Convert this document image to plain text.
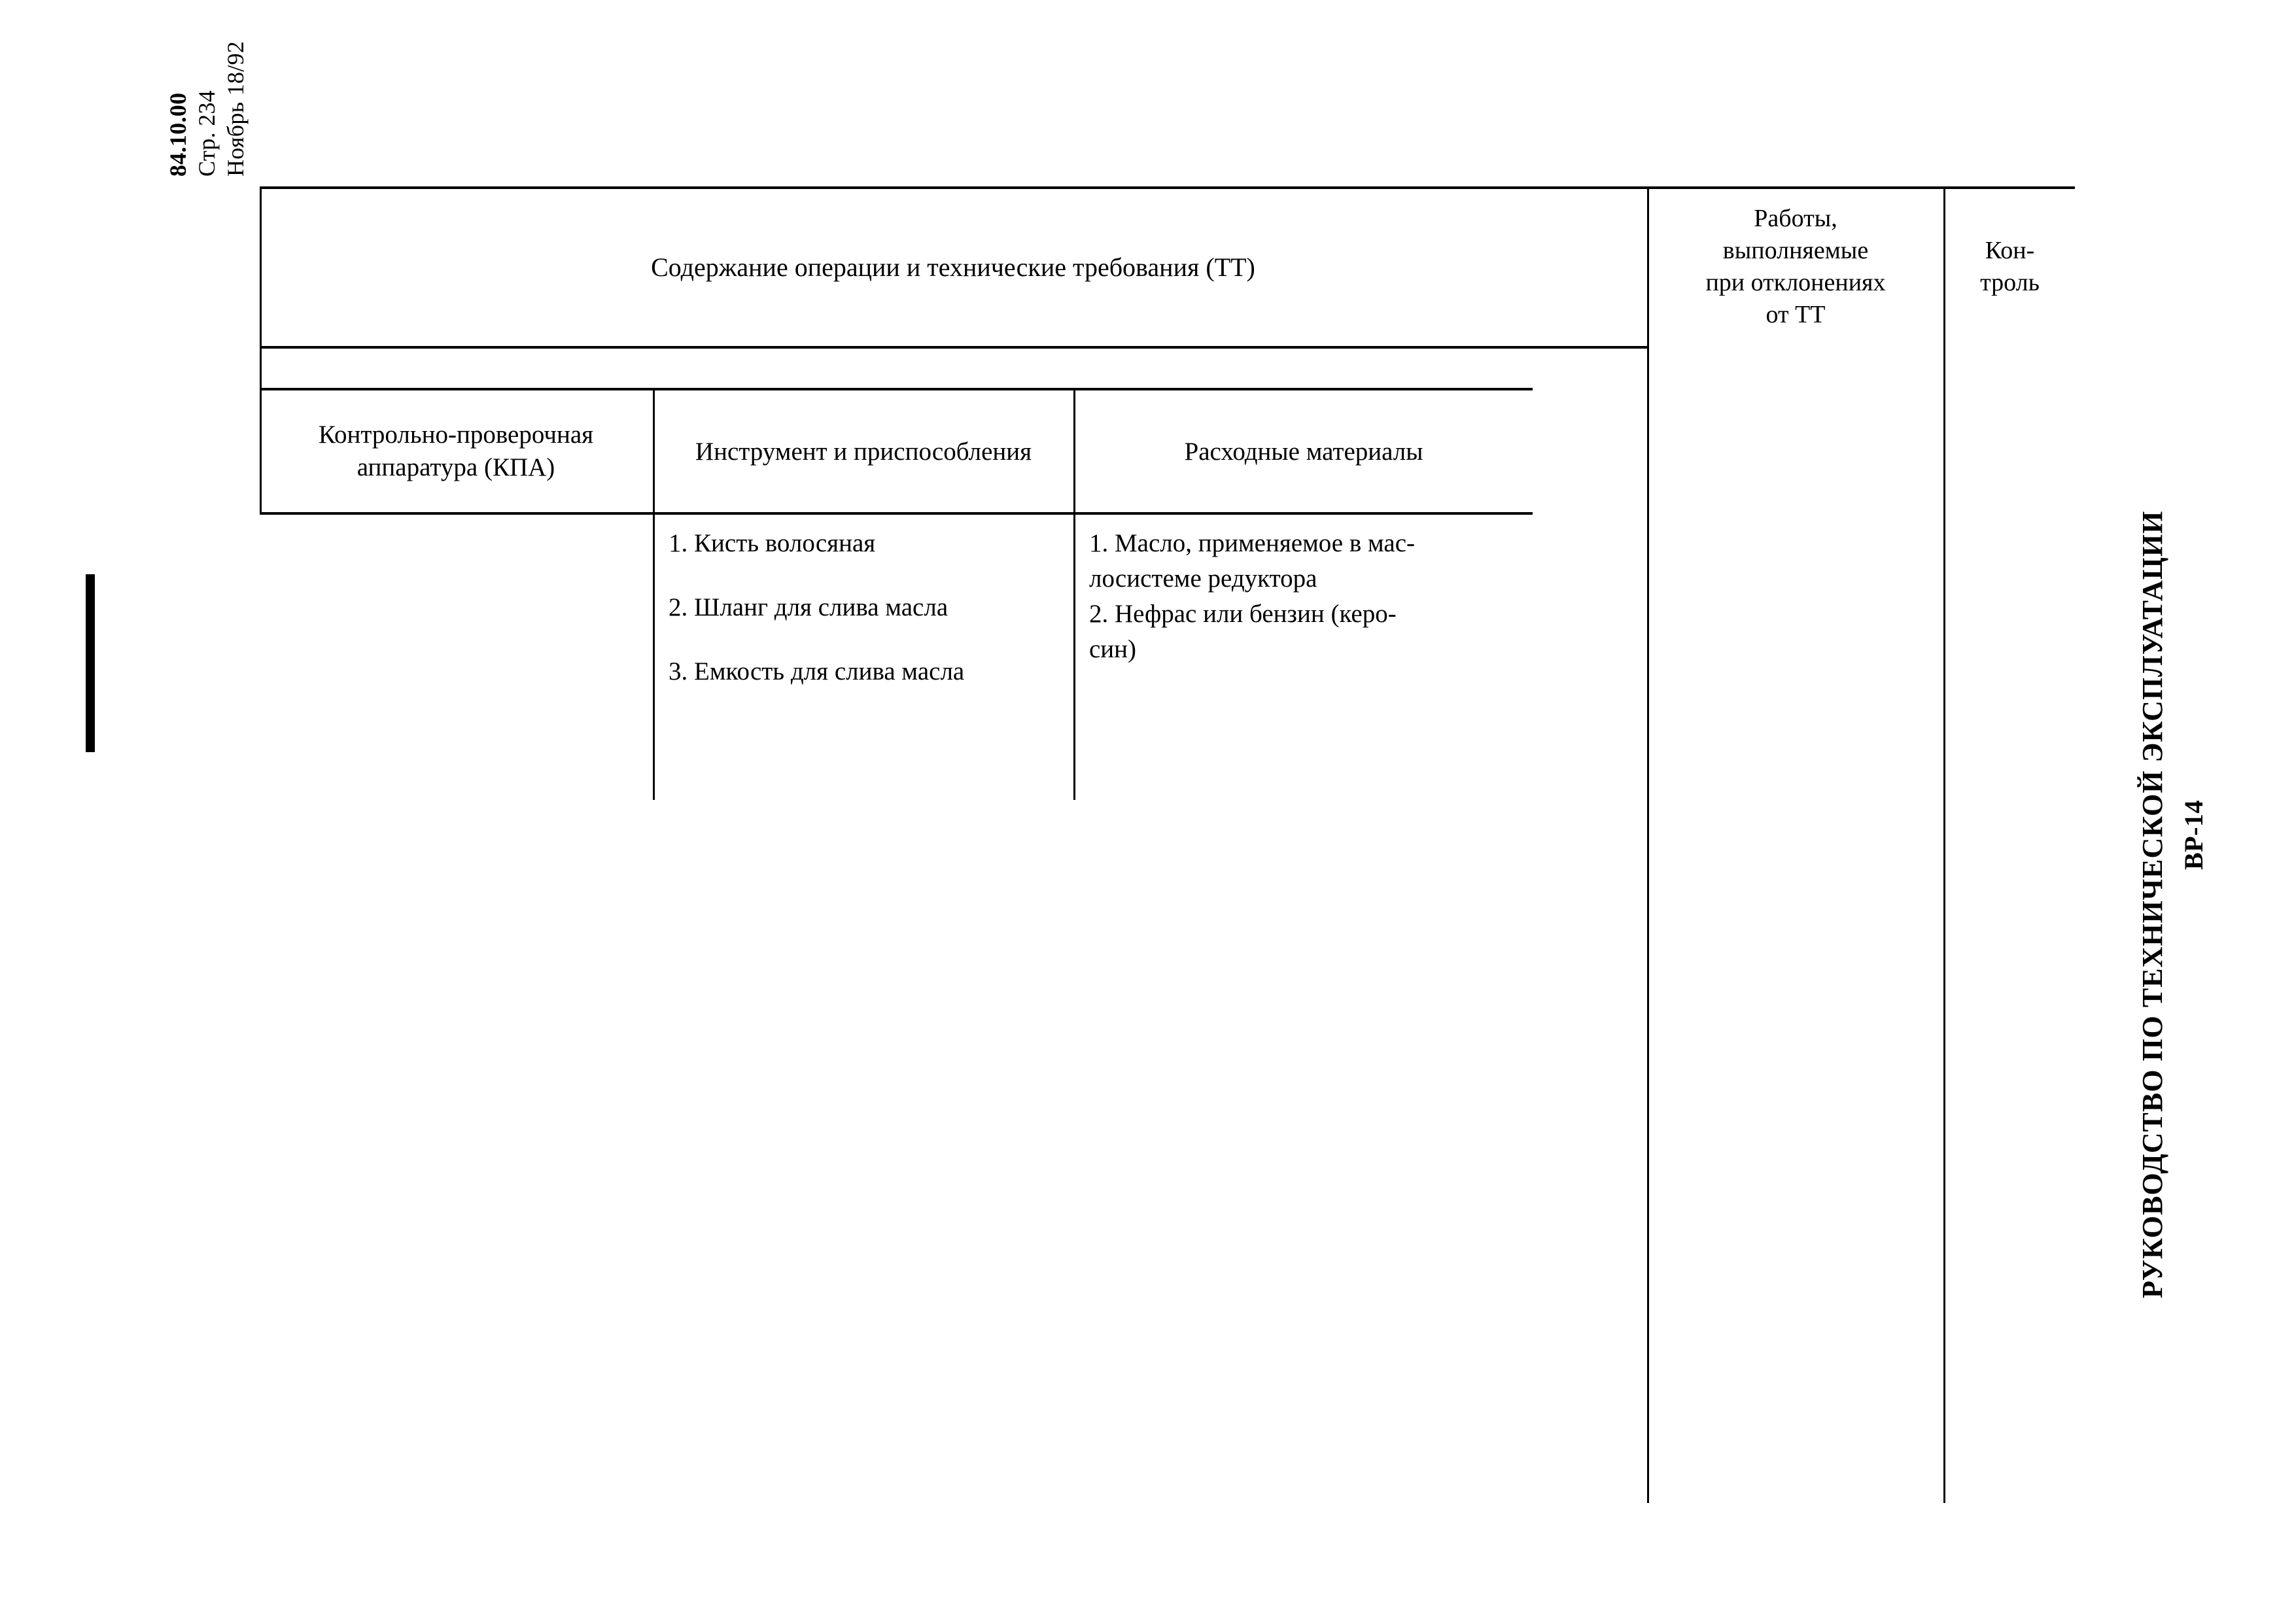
84.10.00 Стр. 234 Ноябрь 18/92
РУКОВОДСТВО ПО ТЕХНИЧЕСКОЙ ЭКСПЛУАТАЦИИ ВР-14
Содержание операции и технические требования (ТТ)
Работы,
выполняемые
при отклонениях
от ТТ
Кон-
троль
Контрольно-проверочная
аппаратура (КПА)
Инструмент и приспособления	Расходные материалы
1. Кисть волосяная
2. Шланг для слива масла
3. Емкость для слива масла

1. Масло, применяемое в мас-

лосистеме редуктора

2. Нефрас или бензин (керо-

син)
